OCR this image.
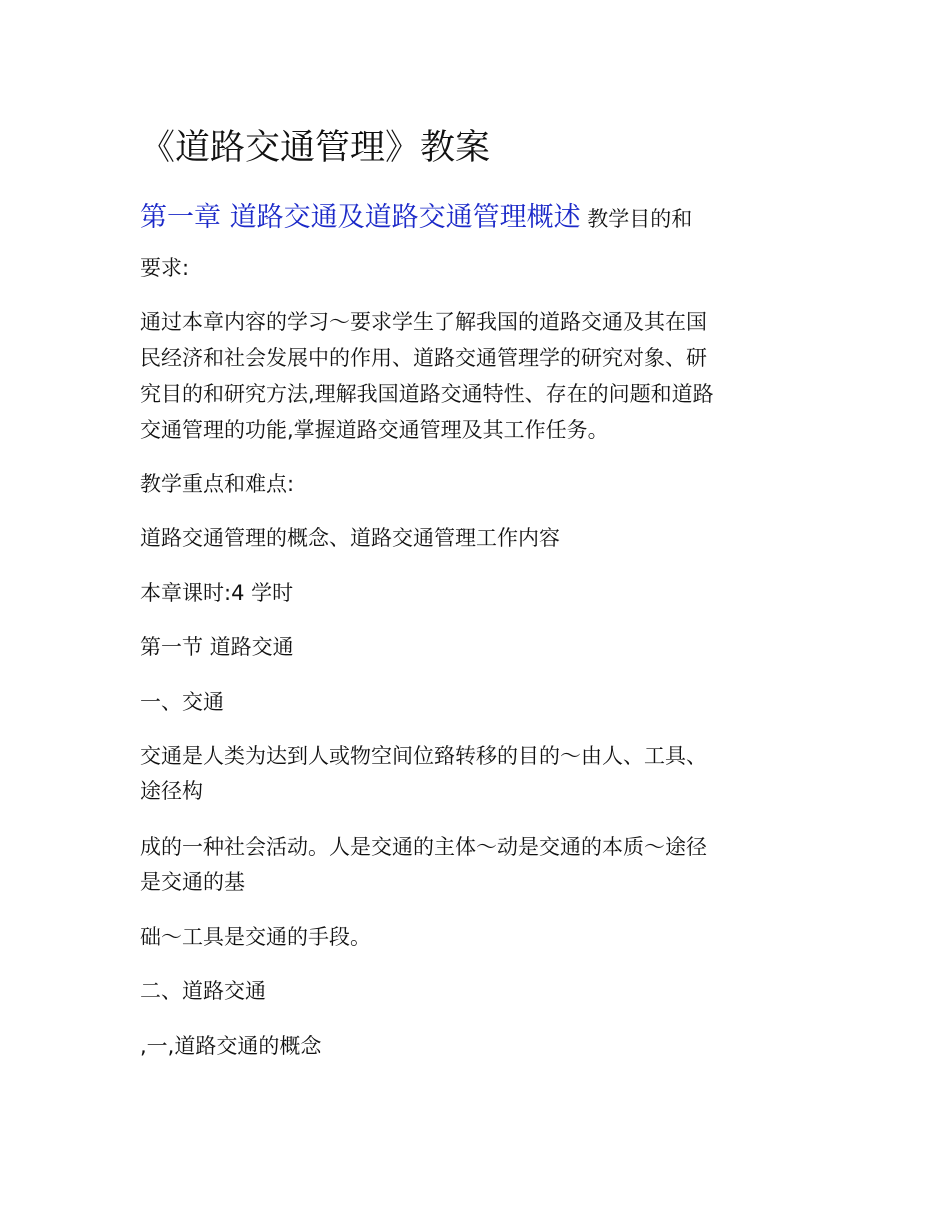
《道路交通管理》教案
第一章 道路交通及道路交通管理概述 教学目的和
要求:
通过本章内容的学习～要求学生了解我国的道路交通及其在国
民经济和社会发展中的作用、道路交通管理学的研究对象、研
究目的和研究方法,理解我国道路交通特性、存在的问题和道路
交通管理的功能,掌握道路交通管理及其工作任务。
教学重点和难点:
道路交通管理的概念、道路交通管理工作内容
本章课时:4 学时
第一节 道路交通
一、交通
交通是人类为达到人或物空间位臵转移的目的～由人、工具、
途径构
成的一种社会活动。人是交通的主体～动是交通的本质～途径
是交通的基
础～工具是交通的手段。
二、道路交通
,一,道路交通的概念
